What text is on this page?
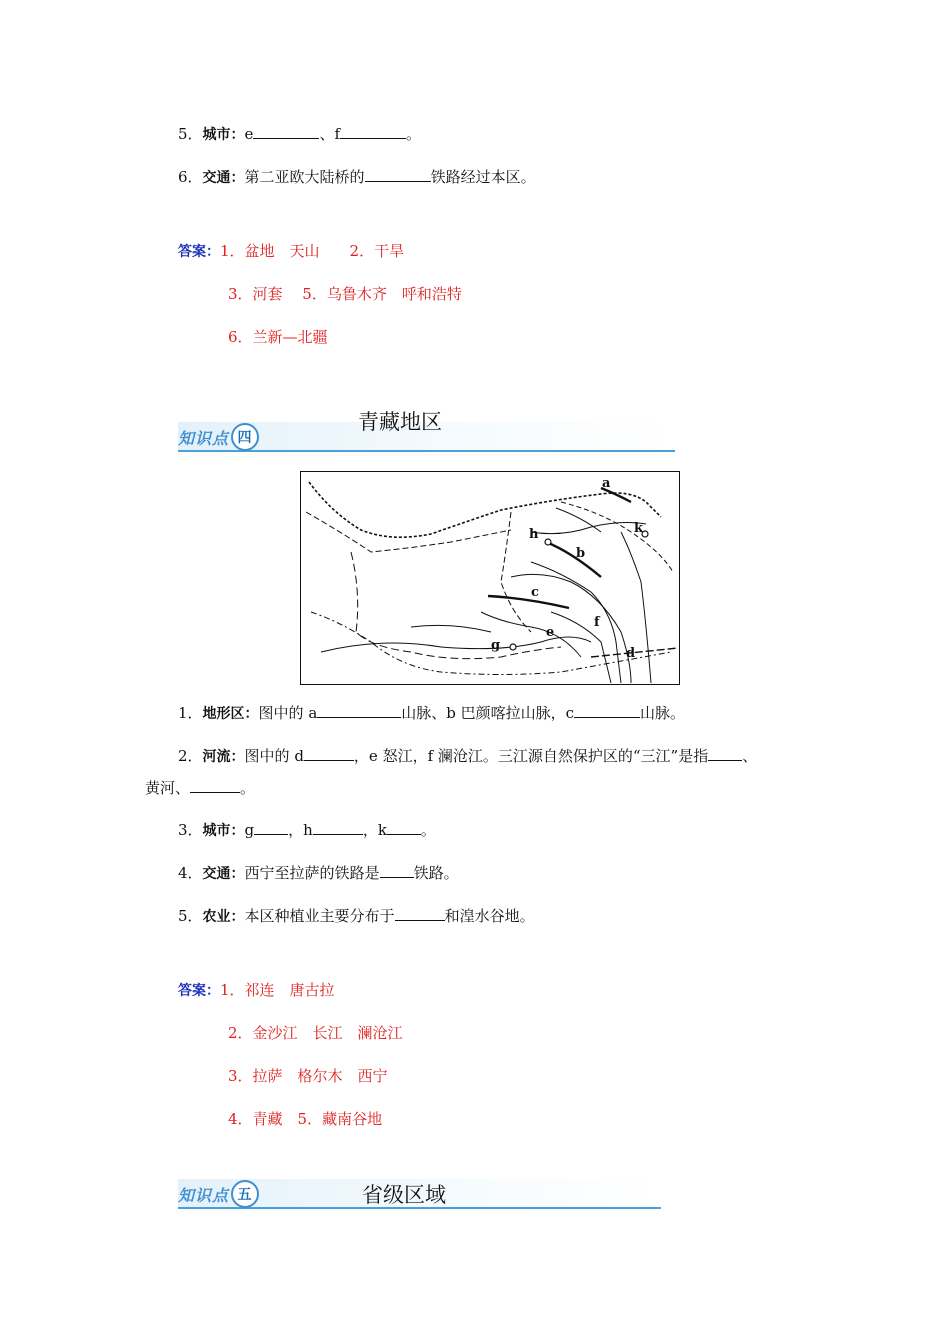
5．城市：e	、f	。
6．交通：第二亚欧大陆桥的	铁路经过本区。
答案：1．盆地　天山　　2．干旱
3．河套　 5．乌鲁木齐　呼和浩特
6．兰新—北疆
知识点 四
青藏地区
a
k
h
b
c
f
e
g
d
1．地形区：图中的 a	山脉、b 巴颜喀拉山脉，c	山脉。
2．河流：图中的 d	，e 怒江，f 澜沧江。三江源自然保护区的“三江”是指 、
黄河、	。
3．城市：g ，h	，k 。
4．交通：西宁至拉萨的铁路是 铁路。
5．农业：本区种植业主要分布于	和湟水谷地。
答案：1．祁连　唐古拉
2．金沙江　长江　澜沧江
3．拉萨　格尔木　西宁
4．青藏　5．藏南谷地
知识点 五	省级区域
